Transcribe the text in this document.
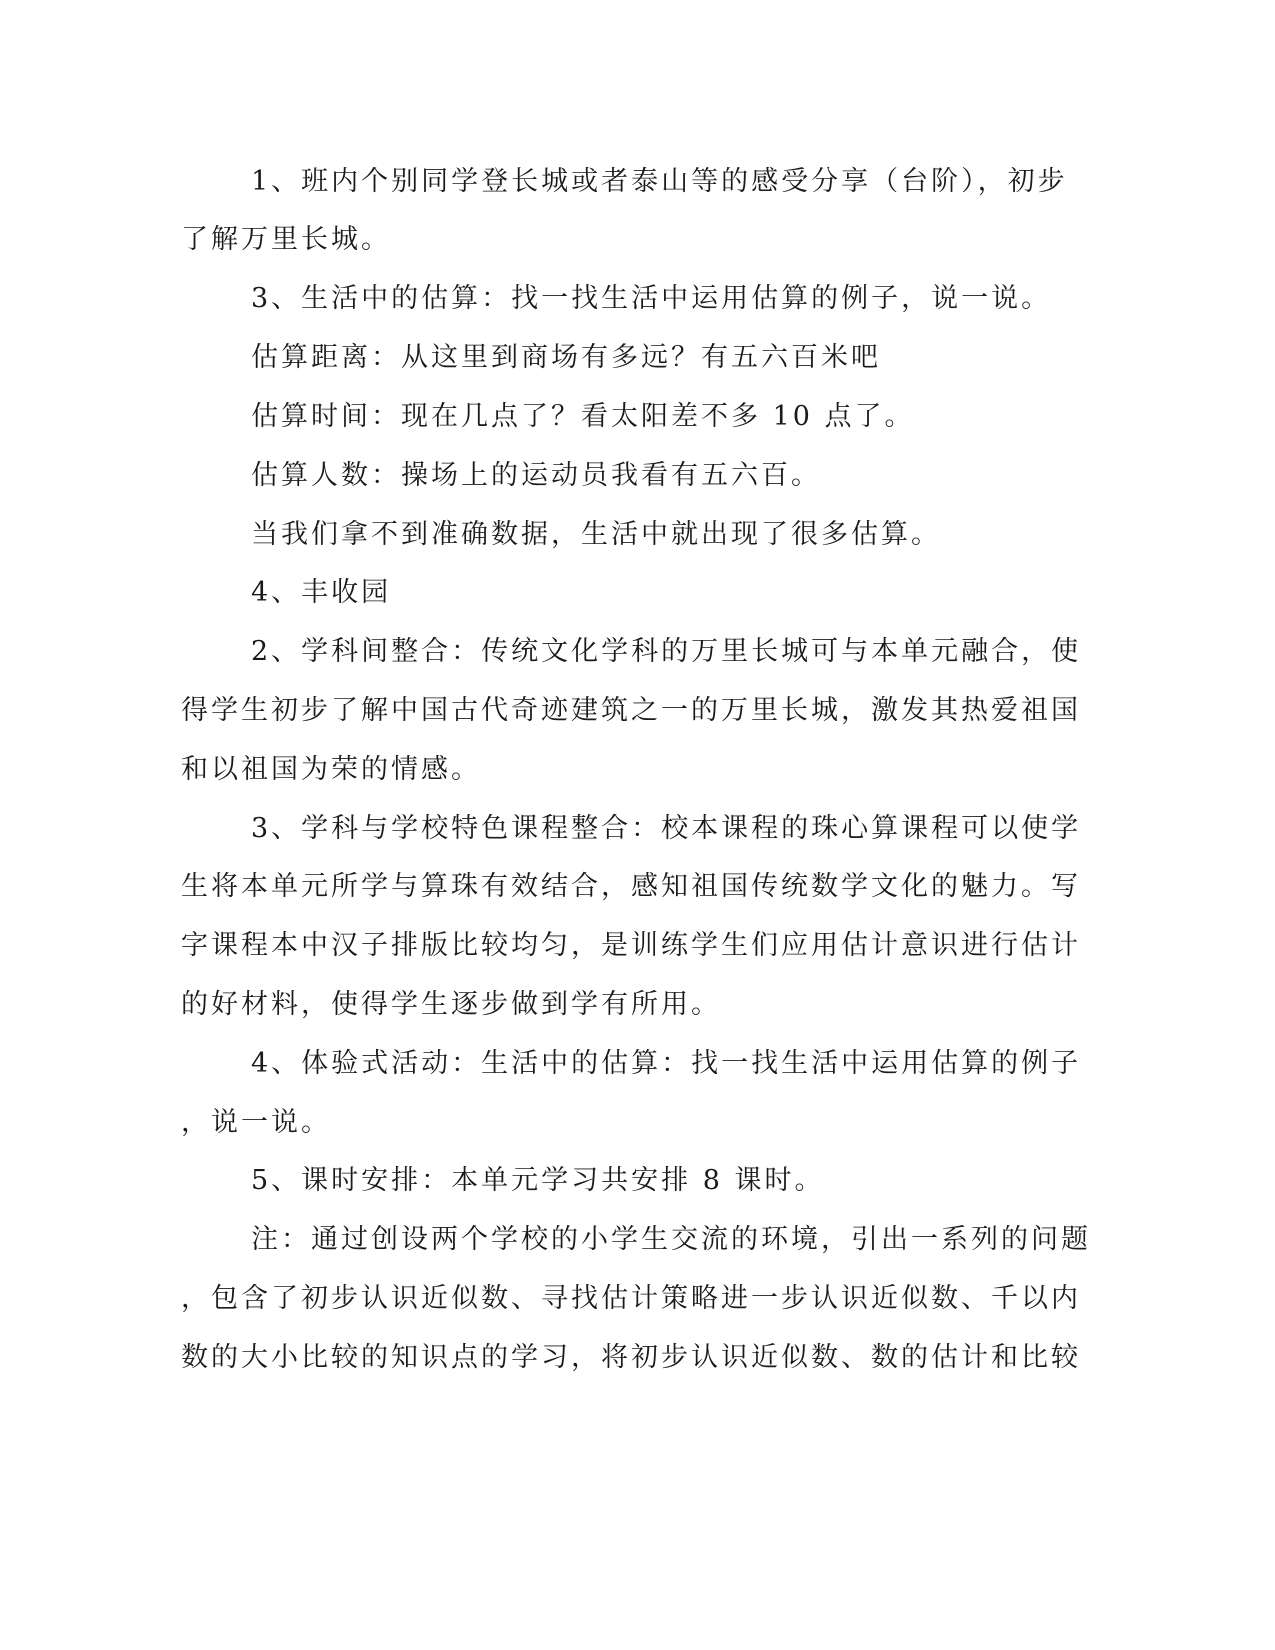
1、班内个别同学登长城或者泰山等的感受分享（台阶），初步
了解万里长城。
3、生活中的估算：找一找生活中运用估算的例子，说一说。
估算距离：从这里到商场有多远？有五六百米吧
估算时间：现在几点了？看太阳差不多 10 点了。
估算人数：操场上的运动员我看有五六百。
当我们拿不到准确数据，生活中就出现了很多估算。
4、丰收园
2、学科间整合：传统文化学科的万里长城可与本单元融合，使
得学生初步了解中国古代奇迹建筑之一的万里长城，激发其热爱祖国
和以祖国为荣的情感。
3、学科与学校特色课程整合：校本课程的珠心算课程可以使学
生将本单元所学与算珠有效结合，感知祖国传统数学文化的魅力。写
字课程本中汉子排版比较均匀，是训练学生们应用估计意识进行估计
的好材料，使得学生逐步做到学有所用。
4、体验式活动：生活中的估算：找一找生活中运用估算的例子
，说一说。
5、课时安排：本单元学习共安排 8 课时。
注：通过创设两个学校的小学生交流的环境，引出一系列的问题
，包含了初步认识近似数、寻找估计策略进一步认识近似数、千以内
数的大小比较的知识点的学习，将初步认识近似数、数的估计和比较
